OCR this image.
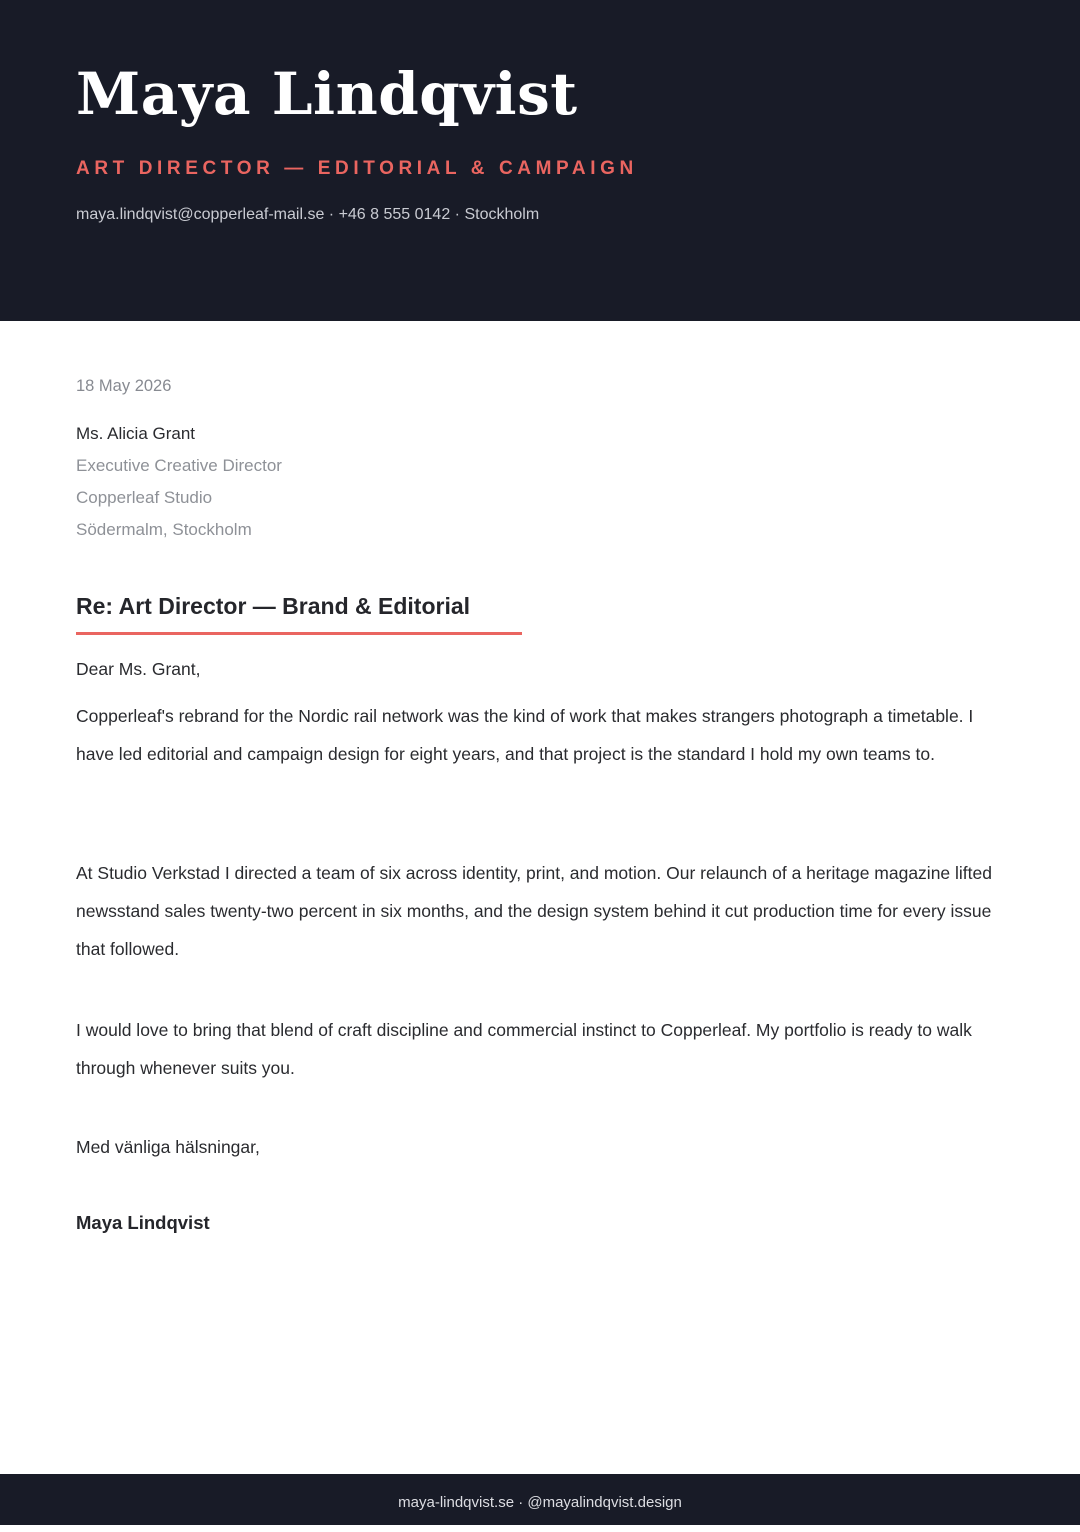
Maya Lindqvist
ART DIRECTOR — EDITORIAL & CAMPAIGN
maya.lindqvist@copperleaf-mail.se · +46 8 555 0142 · Stockholm
18 May 2026
Ms. Alicia Grant
Executive Creative Director
Copperleaf Studio
Södermalm, Stockholm
Re: Art Director — Brand & Editorial

Dear Ms. Grant,

Copperleaf's rebrand for the Nordic rail network was the kind of work that makes strangers photograph a timetable. I have led editorial and campaign design for eight years, and that project is the standard I hold my own teams to.

At Studio Verkstad I directed a team of six across identity, print, and motion. Our relaunch of a heritage magazine lifted newsstand sales twenty-two percent in six months, and the design system behind it cut production time for every issue that followed.

I would love to bring that blend of craft discipline and commercial instinct to Copperleaf. My portfolio is ready to walk through whenever suits you.

Med vänliga hälsningar,

Maya Lindqvist
maya-lindqvist.se · @mayalindqvist.design
